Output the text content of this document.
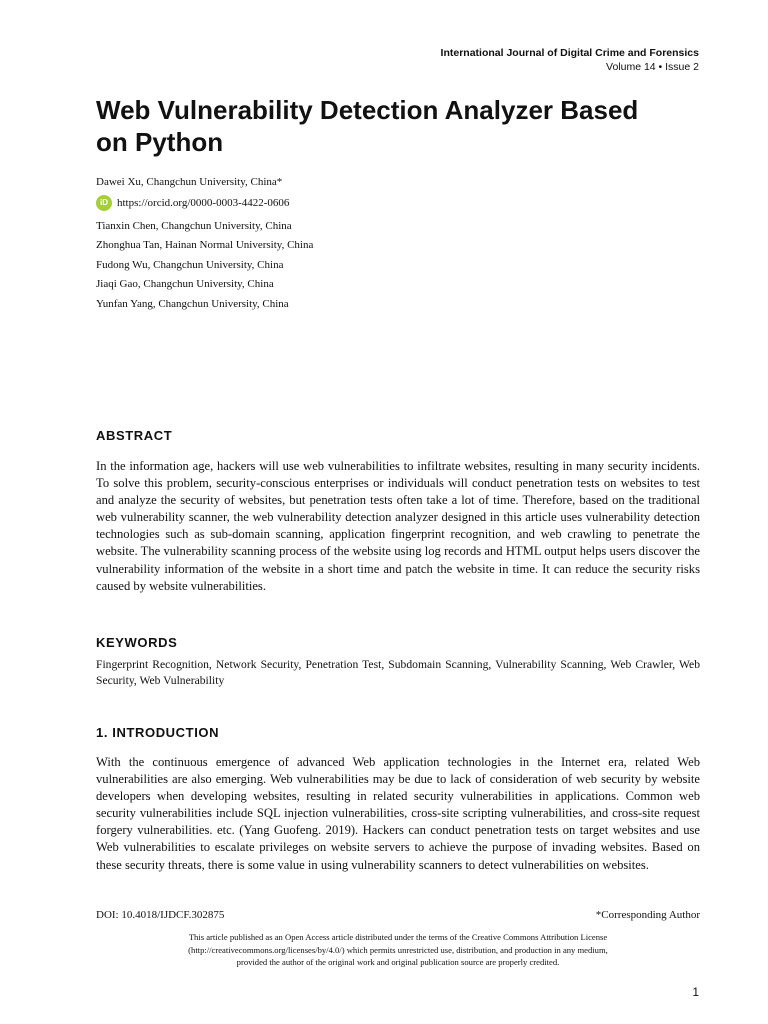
International Journal of Digital Crime and Forensics
Volume 14 • Issue 2
Web Vulnerability Detection Analyzer Based on Python
Dawei Xu, Changchun University, China*
iD https://orcid.org/0000-0003-4422-0606
Tianxin Chen, Changchun University, China
Zhonghua Tan, Hainan Normal University, China
Fudong Wu, Changchun University, China
Jiaqi Gao, Changchun University, China
Yunfan Yang, Changchun University, China
ABSTRACT

In the information age, hackers will use web vulnerabilities to infiltrate websites, resulting in many security incidents. To solve this problem, security-conscious enterprises or individuals will conduct penetration tests on websites to test and analyze the security of websites, but penetration tests often take a lot of time. Therefore, based on the traditional web vulnerability scanner, the web vulnerability detection analyzer designed in this article uses vulnerability detection technologies such as sub-domain scanning, application fingerprint recognition, and web crawling to penetrate the website. The vulnerability scanning process of the website using log records and HTML output helps users discover the vulnerability information of the website in a short time and patch the website in time. It can reduce the security risks caused by website vulnerabilities.

KEYWORDS

Fingerprint Recognition, Network Security, Penetration Test, Subdomain Scanning, Vulnerability Scanning, Web Crawler, Web Security, Web Vulnerability

1. INTRODUCTION

With the continuous emergence of advanced Web application technologies in the Internet era, related Web vulnerabilities are also emerging. Web vulnerabilities may be due to lack of consideration of web security by website developers when developing websites, resulting in related security vulnerabilities in applications. Common web security vulnerabilities include SQL injection vulnerabilities, cross-site scripting vulnerabilities, and cross-site request forgery vulnerabilities. etc. (Yang Guofeng. 2019). Hackers can conduct penetration tests on target websites and use Web vulnerabilities to escalate privileges on website servers to achieve the purpose of invading websites. Based on these security threats, there is some value in using vulnerability scanners to detect vulnerabilities on websites.

DOI: 10.4018/IJDCF.302875	*Corresponding Author
This article published as an Open Access article distributed under the terms of the Creative Commons Attribution License
(http://creativecommons.org/licenses/by/4.0/) which permits unrestricted use, distribution, and production in any medium,
provided the author of the original work and original publication source are properly credited.
1
